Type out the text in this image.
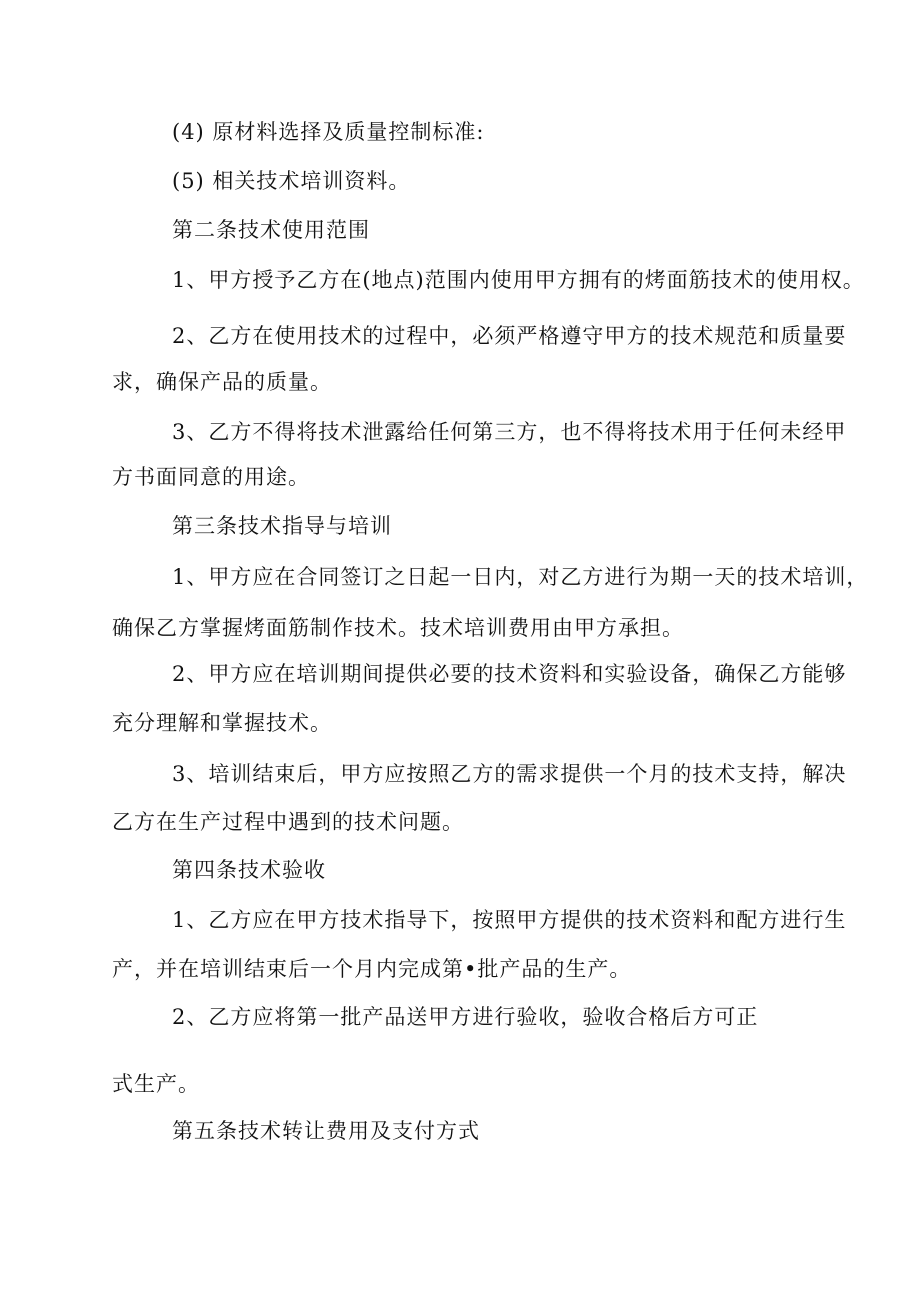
(4) 原材料选择及质量控制标准:
(5) 相关技术培训资料。
第二条技术使用范围
1、甲方授予乙方在(地点)范围内使用甲方拥有的烤面筋技术的使用权。
2、乙方在使用技术的过程中，必须严格遵守甲方的技术规范和质量要
求，确保产品的质量。
3、乙方不得将技术泄露给任何第三方，也不得将技术用于任何未经甲
方书面同意的用途。
第三条技术指导与培训
1、甲方应在合同签订之日起一日内，对乙方进行为期一天的技术培训，
确保乙方掌握烤面筋制作技术。技术培训费用由甲方承担。
2、甲方应在培训期间提供必要的技术资料和实验设备，确保乙方能够
充分理解和掌握技术。
3、培训结束后，甲方应按照乙方的需求提供一个月的技术支持，解决
乙方在生产过程中遇到的技术问题。
第四条技术验收
1、乙方应在甲方技术指导下，按照甲方提供的技术资料和配方进行生
产，并在培训结束后一个月内完成第•批产品的生产。
2、乙方应将第一批产品送甲方进行验收，验收合格后方可正
式生产。
第五条技术转让费用及支付方式
